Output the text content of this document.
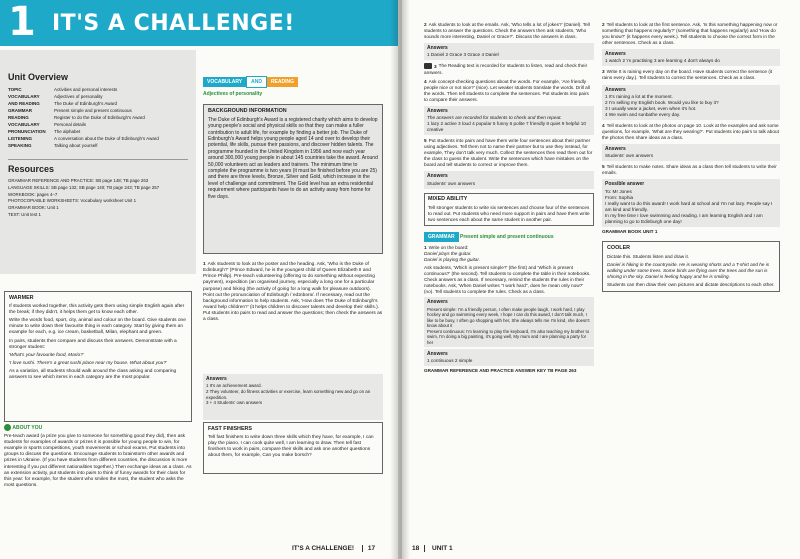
1 IT'S A CHALLENGE!
Unit Overview
TOPIC	Activities and personal interests
VOCABULARY	Adjectives of personality
AND READING	The Duke of Edinburgh's Award
GRAMMAR	Present simple and present continuous
READING	Register to do the Duke of Edinburgh's Award
VOCABULARY	Personal details
PRONUNCIATION	The alphabet
LISTENING	A conversation about the Duke of Edinburgh's Award
SPEAKING	Talking about yourself
Resources
GRAMMAR REFERENCE AND PRACTICE: SB page 148; TB page 263
LANGUAGE SKILLS: SB page 132; SB page 140; TB page 243; TB page 257
WORKBOOK: pages 4–7
PHOTOCOPIABLE WORKSHEETS: Vocabulary worksheet Unit 1
GRAMMAR BOOK: Unit 1
TEST: Unit test 1
WARMER

If students worked together, this activity gets them using simple English again after the break; if they didn't, it helps them get to know each other.

Write the words food, sport, city, animal and colour on the board. Give students one minute to write down their favourite thing in each category. Start by giving them an example for each, e.g. ice cream, basketball, Milan, elephant and green.

In pairs, students then compare and discuss their answers. Demonstrate with a stronger student:

'What's your favourite food, Mario?'

'I love sushi. There's a great sushi place near my house. What about you?'

As a variation, all students should walk around the class asking and comparing answers to see which items in each category are the most popular.

ABOUT YOU

Pre-teach award (a prize you give to someone for something good they did), then ask students for examples of awards or prizes it is possible for young people to win, for example in sports competitions, youth movements or school exams. Put students into groups to discuss the questions. Encourage students to brainstorm other awards and prizes in Ukraine. (If you have students from different countries, the discussion is more interesting if you put different nationalities together.) Then exchange ideas as a class. As an extension activity, put students into pairs to think of funny awards for their class for this year: for example, for the student who smiles the most, the student who asks the most questions.

VOCABULARY AND READING
Adjectives of personality
BACKGROUND INFORMATION

The Duke of Edinburgh's Award is a registered charity which aims to develop young people's social and physical skills so that they can make a fuller contribution to adult life, for example by finding a better job. The Duke of Edinburgh's Award helps young people aged 14 and over to develop their potential, life skills, pursue their passions, and discover hidden talents. The programme founded in the United Kingdom in 1956 and now each year around 300,000 young people in about 145 countries take the award. Around 50,000 volunteers act as leaders and trainers. The minimum time to complete the programme is two years (it must be finished before you are 25) and there are three levels, Bronze, Silver and Gold, which increase in the level of challenge and commitment. The Gold level has an extra residential requirement where participants have to do an activity away from home for five days.

1 Ask students to look at the poster and the heading. Ask, 'Who is the Duke of Edinburgh?' (Prince Edward, he is the youngest child of Queen Elizabeth II and Prince Philip). Pre-teach volunteering (offering to do something without expecting payment), expedition (an organised journey, especially a long one for a particular purpose) and hiking (the activity of going for a long walk for pleasure outdoors). Point out the pronunciation of Edinburgh /ˈedɪnbərə/. If necessary, read out the background information to help students. Ask, 'How does The Duke of Edinburgh's Award help children?' (it helps children to discover talents and develop their skills.). Put students into pairs to read and answer the questions; then check the answers as a class.

Answers
1 It's an achievement award.
2 They volunteer, do fitness activities or exercise, learn something new and go on an expedition.
3 + 4 Students' own answers
FAST FINISHERS

Tell fast finishers to write down three skills which they have, for example, I can play the piano, I can cook quite well, I am learning to draw. Then tell fast finishers to work in pairs, compare their skills and ask one another questions about them, for example, Can you make borsch?

IT'S A CHALLENGE! 17

2 Ask students to look at the emails. Ask, 'Who tells a lot of jokes?' (Daniel). Tell students to answer the questions. Check the answers then ask students, 'Who sounds more interesting, Daniel or Grace?'. Discuss the answers in class.

Answers
1 Daniel 2 Grace 3 Grace 4 Daniel

3 The Reading text is recorded for students to listen, read and check their answers.

4 Ask concept-checking questions about the words. For example, 'Are friendly people nice or not nice?' (nice). Let weaker students translate the words. Drill all the words. Then tell students to complete the sentences. Put students into pairs to compare their answers.

Answers
The answers are recorded for students to check and then repeat.
1 lazy 2 active 3 loud 4 popular 5 funny 6 polite 7 friendly 8 quiet 9 helpful 10 creative

5 Put students into pairs and have them write four sentences about their partner using adjectives. Tell them not to name their partner but to use they instead, for example, They don't talk very much. Collect the sentences then read them out for the class to guess the student. Write the sentences which have mistakes on the board and tell students to correct or improve them.

Answers
Students' own answers
MIXED ABILITY

Tell stronger students to write six sentences and choose four of the sentences to read out. Put students who need more support in pairs and have them write two sentences each about the same student in another pair.

GRAMMAR Present simple and present continuous

1 Write on the board:

Daniel plays the guitar.

Daniel is playing the guitar.

Ask students, 'Which is present simple?' (the first) and 'Which is present continuous?' (the second). Tell students to complete the table in their notebooks. Check answers as a class. If necessary, remind the students the rules in their notebooks. Ask, 'When Daniel writes "I work hard", does he mean only now?' (no). Tell students to complete the rules. Check as a class.

Answers

Present simple: I'm a friendly person, I often make people laugh, I work hard, I play hockey and go swimming every week, I hope I can do this award, I don't talk much, I like to be busy, I often go shopping with her, She always tells me I'm kind, she doesn't know about it

Present continuous: I'm learning to play the keyboard, I'm also teaching my brother to swim, I'm doing a big painting, it's going well, My mum and I are planning a party for her

Answers
1 continuous 2 simple

GRAMMAR REFERENCE AND PRACTICE ANSWER KEY TB PAGE 263

2 Tell students to look at the first sentence. Ask, 'Is this something happening now or something that happens regularly?' (something that happens regularly) and 'How do you know?' (it happens every week.). Tell students to choose the correct form in the other sentences. Check as a class.

Answers
1 watch 2 'm practising 3 are learning 4 don't always do

3 Write It is raining every day on the board. Have students correct the sentence (it rains every day.). Tell students to correct the sentences. Check as a class.

Answers
1 It's raining a lot at the moment.
2 I'm selling my English book. Would you like to buy it?
3 I usually wear a jacket, even when it's hot.
4 We swim and sunbathe every day.

4 Tell students to look at the photos on page 10. Look at the examples and ask some questions, for example, 'What are they wearing?'. Put students into pairs to talk about the photos then share ideas as a class.

Answers
Students' own answers

5 Tell students to make notes. Share ideas as a class then tell students to write their emails.

Possible answer
To: Mr Jones
From: Sophia
I really want to do this award! I work hard at school and I'm not lazy. People say I am kind and friendly.
In my free time I love swimming and reading. I am learning English and I am planning to go to Edinburgh one day!

GRAMMAR BOOK UNIT 1

COOLER

Dictate this. Students listen and draw it.

Daniel is hiking in the countryside. He is wearing shorts and a T-shirt and he is walking under some trees. Some birds are flying over the trees and the sun is shining in the sky. Daniel is feeling happy and he is smiling.

Students can then draw their own pictures and dictate descriptions to each other.

18 UNIT 1
